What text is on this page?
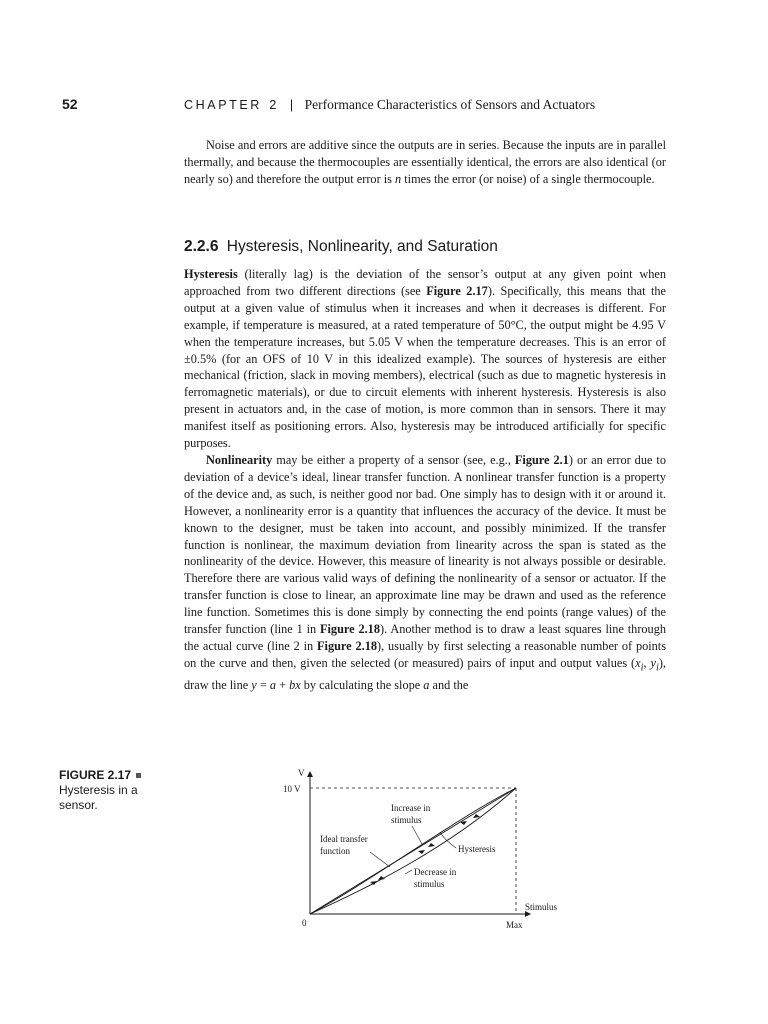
52	CHAPTER 2 | Performance Characteristics of Sensors and Actuators

Noise and errors are additive since the outputs are in series. Because the inputs are in parallel thermally, and because the thermocouples are essentially identical, the errors are also identical (or nearly so) and therefore the output error is n times the error (or noise) of a single thermocouple.

2.2.6 Hysteresis, Nonlinearity, and Saturation

Hysteresis (literally lag) is the deviation of the sensor’s output at any given point when approached from two different directions (see Figure 2.17). Specifically, this means that the output at a given value of stimulus when it increases and when it decreases is different. For example, if temperature is measured, at a rated temperature of 50°C, the output might be 4.95 V when the temperature increases, but 5.05 V when the temperature decreases. This is an error of ±0.5% (for an OFS of 10 V in this idealized example). The sources of hysteresis are either mechanical (friction, slack in moving members), electrical (such as due to magnetic hysteresis in ferromagnetic materials), or due to circuit elements with inherent hysteresis. Hysteresis is also present in actuators and, in the case of motion, is more common than in sensors. There it may manifest itself as positioning errors. Also, hysteresis may be introduced artificially for specific purposes.

Nonlinearity may be either a property of a sensor (see, e.g., Figure 2.1) or an error due to deviation of a device’s ideal, linear transfer function. A nonlinear transfer function is a property of the device and, as such, is neither good nor bad. One simply has to design with it or around it. However, a nonlinearity error is a quantity that influences the accuracy of the device. It must be known to the designer, must be taken into account, and possibly minimized. If the transfer function is nonlinear, the maximum deviation from linearity across the span is stated as the nonlinearity of the device. However, this measure of linearity is not always possible or desirable. Therefore there are various valid ways of defining the nonlinearity of a sensor or actuator. If the transfer function is close to linear, an approximate line may be drawn and used as the reference line function. Sometimes this is done simply by connecting the end points (range values) of the transfer function (line 1 in Figure 2.18). Another method is to draw a least squares line through the actual curve (line 2 in Figure 2.18), usually by first selecting a reasonable number of points on the curve and then, given the selected (or measured) pairs of input and output values ($x_i$, $y_i$), draw the line y = a + bx by calculating the slope a and the

FIGURE 2.17
Hysteresis in a sensor.
V
10 V
0	Max
Stimulus
Increase in
stimulus
Ideal transfer
function	Hysteresis
Decrease in
stimulus
